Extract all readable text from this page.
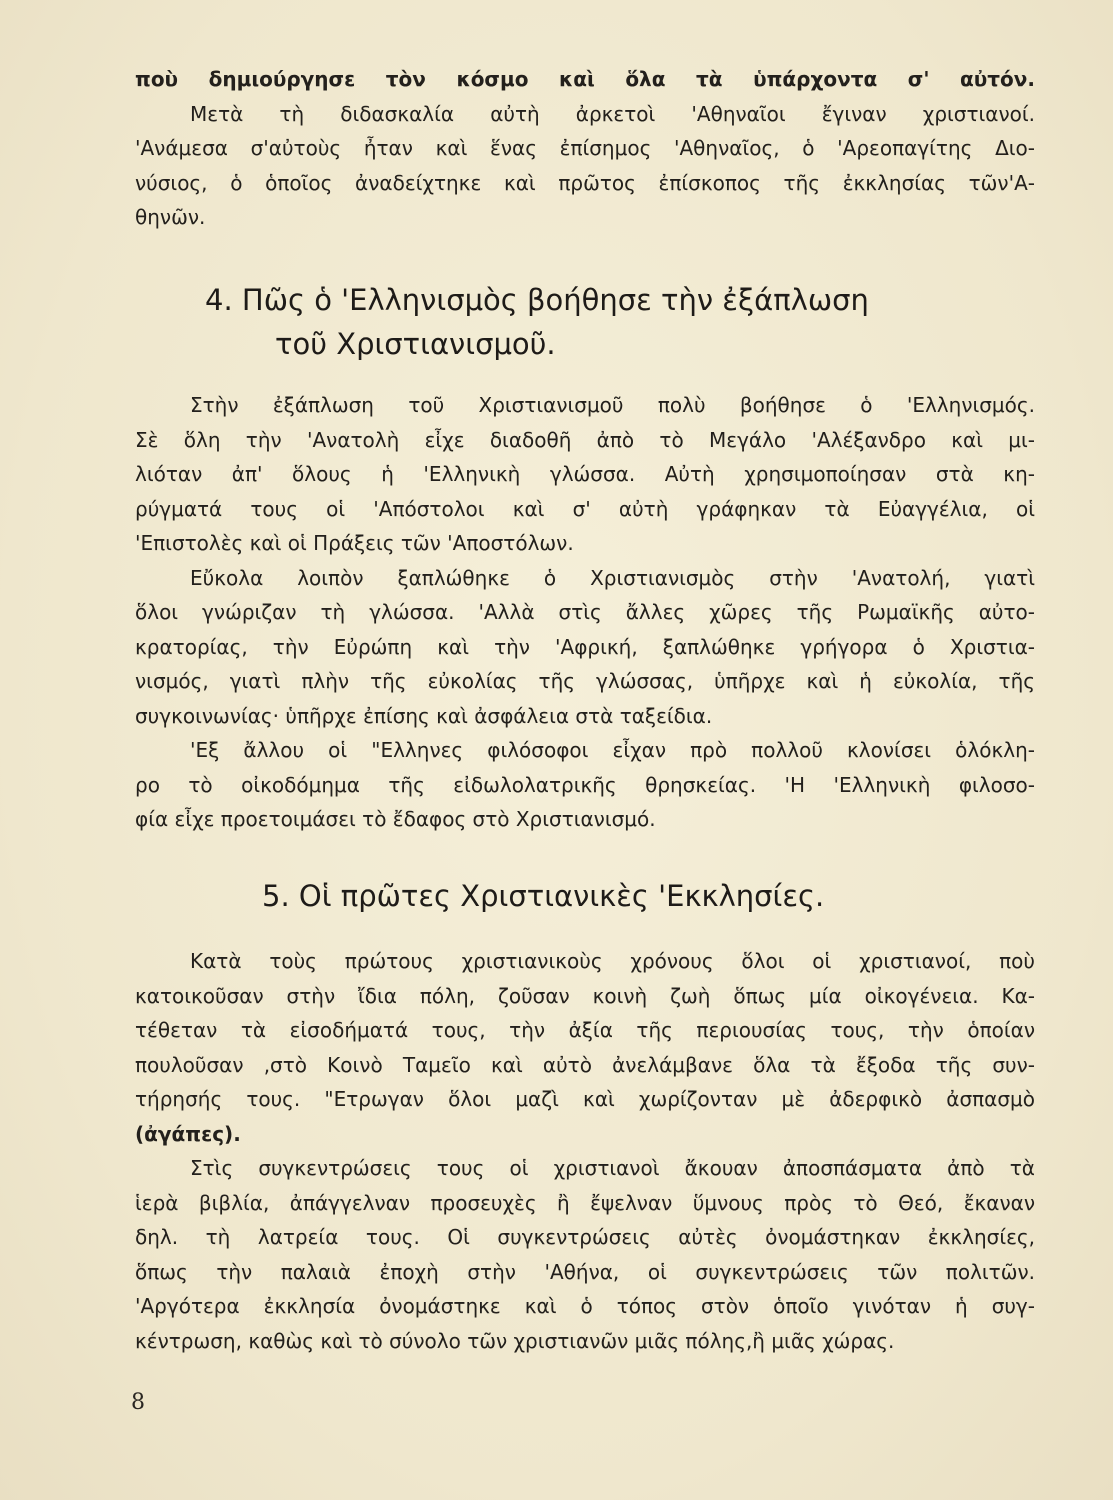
ποὺ δημιούργησε τὸν κόσμο καὶ ὅλα τὰ ὑπάρχοντα σ' αὐτόν.
Μετὰ τὴ διδασκαλία αὐτὴ ἀρκετοὶ 'Αθηναῖοι ἔγιναν χριστιανοί.
'Ανάμεσα σ'αὐτοὺς ἦταν καὶ ἕνας ἐπίσημος 'Αθηναῖος, ὁ 'Αρεοπαγίτης Διο-
νύσιος, ὁ ὁποῖος ἀναδείχτηκε καὶ πρῶτος ἐπίσκοπος τῆς ἐκκλησίας τῶν'Α-
θηνῶν.

4. Πῶς ὁ 'Ελληνισμὸς βοήθησε τὴν ἐξάπλωση
τοῦ Χριστιανισμοῦ.

Στὴν ἐξάπλωση τοῦ Χριστιανισμοῦ πολὺ βοήθησε ὁ 'Ελληνισμός.
Σὲ ὅλη τὴν 'Ανατολὴ εἶχε διαδοθῆ ἀπὸ τὸ Μεγάλο 'Αλέξανδρο καὶ μι-
λιόταν ἀπ' ὅλους ἡ 'Ελληνικὴ γλώσσα. Αὐτὴ χρησιμοποίησαν στὰ κη-
ρύγματά τους οἱ 'Απόστολοι καὶ σ' αὐτὴ γράφηκαν τὰ Εὐαγγέλια, οἱ
'Επιστολὲς καὶ οἱ Πράξεις τῶν 'Αποστόλων.

Εὔκολα λοιπὸν ξαπλώθηκε ὁ Χριστιανισμὸς στὴν 'Ανατολή, γιατὶ
ὅλοι γνώριζαν τὴ γλώσσα. 'Αλλὰ στὶς ἄλλες χῶρες τῆς Ρωμαϊκῆς αὐτο-
κρατορίας, τὴν Εὐρώπη καὶ τὴν 'Αφρική, ξαπλώθηκε γρήγορα ὁ Χριστια-
νισμός, γιατὶ πλὴν τῆς εὐκολίας τῆς γλώσσας, ὑπῆρχε καὶ ἡ εὐκολία, τῆς
συγκοινωνίας· ὑπῆρχε ἐπίσης καὶ ἀσφάλεια στὰ ταξείδια.

'Εξ ἄλλου οἱ "Ελληνες φιλόσοφοι εἶχαν πρὸ πολλοῦ κλονίσει ὁλόκλη-
ρο τὸ οἰκοδόμημα τῆς εἰδωλολατρικῆς θρησκείας. 'Η 'Ελληνικὴ φιλοσο-
φία εἶχε προετοιμάσει τὸ ἔδαφος στὸ Χριστιανισμό.

5. Οἱ πρῶτες Χριστιανικὲς 'Εκκλησίες.

Κατὰ τοὺς πρώτους χριστιανικοὺς χρόνους ὅλοι οἱ χριστιανοί, ποὺ
κατοικοῦσαν στὴν ἴδια πόλη, ζοῦσαν κοινὴ ζωὴ ὅπως μία οἰκογένεια. Κα-
τέθεταν τὰ εἰσοδήματά τους, τὴν ἀξία τῆς περιουσίας τους, τὴν ὁποίαν
πουλοῦσαν ,στὸ Κοινὸ Ταμεῖο καὶ αὐτὸ ἀνελάμβανε ὅλα τὰ ἔξοδα τῆς συν-
τήρησής τους. "Ετρωγαν ὅλοι μαζὶ καὶ χωρίζονταν μὲ ἀδερφικὸ ἀσπασμὸ
(ἀγάπες).

Στὶς συγκεντρώσεις τους οἱ χριστιανοὶ ἄκουαν ἀποσπάσματα ἀπὸ τὰ
ἱερὰ βιβλία, ἀπάγγελναν προσευχὲς ἢ ἔψελναν ὕμνους πρὸς τὸ Θεό, ἔκαναν
δηλ. τὴ λατρεία τους. Οἱ συγκεντρώσεις αὐτὲς ὀνομάστηκαν ἐκκλησίες,
ὅπως τὴν παλαιὰ ἐποχὴ στὴν 'Αθήνα, οἱ συγκεντρώσεις τῶν πολιτῶν.
'Αργότερα ἐκκλησία ὀνομάστηκε καὶ ὁ τόπος στὸν ὁποῖο γινόταν ἡ συγ-
κέντρωση, καθὼς καὶ τὸ σύνολο τῶν χριστιανῶν μιᾶς πόλης,ἢ μιᾶς χώρας.

8
